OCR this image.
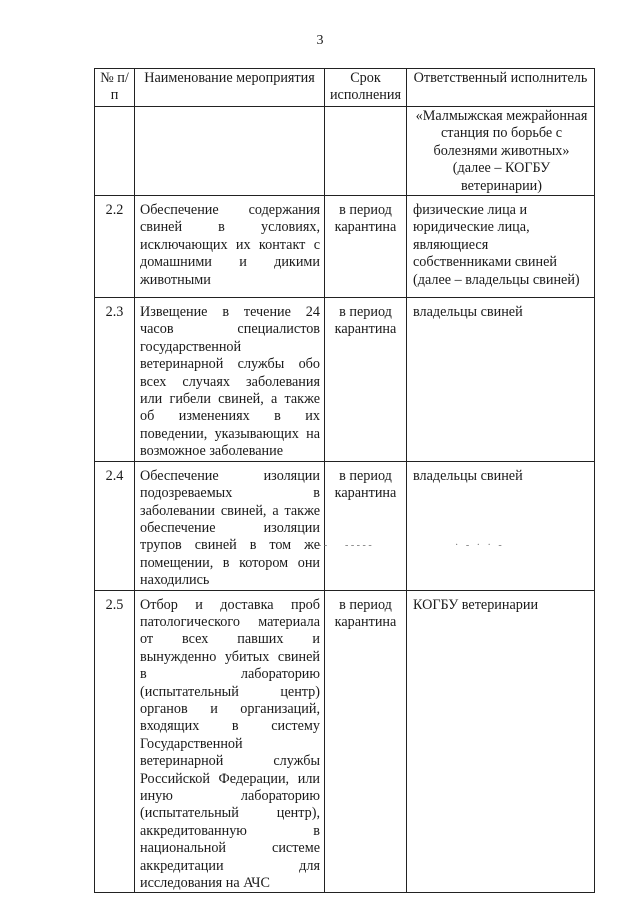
3
№ п/п	Наименование мероприятия	Срок исполнения	Ответственный исполнитель
			«Малмыжская межрайонная станция по борьбе с болезнями животных» (далее – КОГБУ ветеринарии)
2.2	Обеспечение содержания свиней в условиях, исключающих их контакт с домашними и дикими животными	в период карантина	физические лица и юридические лица, являющиеся собственниками свиней (далее – владельцы свиней)
2.3	Извещение в течение 24 часов специалистов государственной ветеринарной службы обо всех случаях заболевания или гибели свиней, а также об изменениях в их поведении, указывающих на возможное заболевание	в период карантина	владельцы свиней
2.4	Обеспечение изоляции подозреваемых в заболевании свиней, а также обеспечение изоляции трупов свиней в том же помещении, в котором они находились	в период карантина	владельцы свиней
2.5	Отбор и доставка проб патологического материала от всех павших и вынужденно убитых свиней в лабораторию (испытательный центр) органов и организаций, входящих в систему Государственной ветеринарной службы Российской Федерации, или иную лабораторию (испытательный центр), аккредитованную в национальной системе аккредитации для исследования на АЧС	в период карантина	КОГБУ ветеринарии
- - - - - - -	·   -   ·   ·   -
